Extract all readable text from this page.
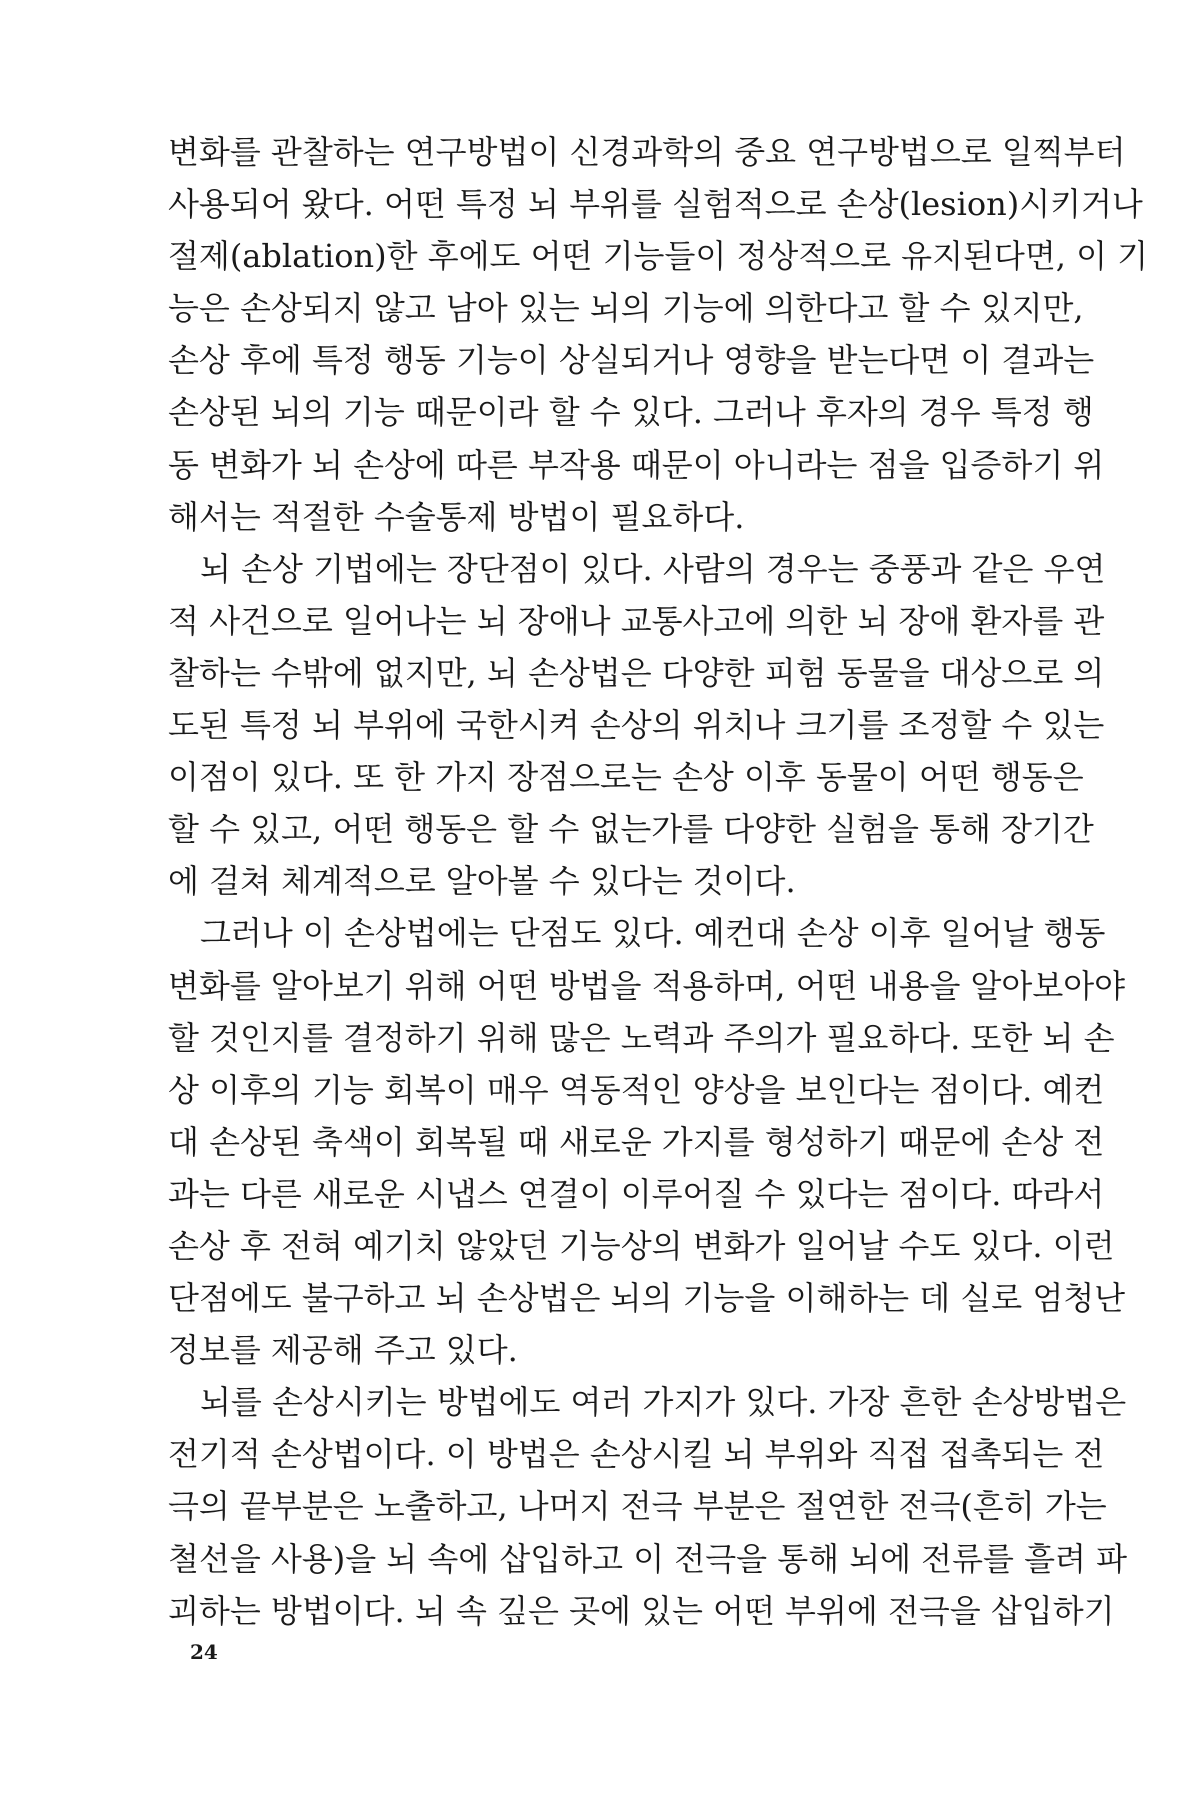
변화를 관찰하는 연구방법이 신경과학의 중요 연구방법으로 일찍부터
사용되어 왔다. 어떤 특정 뇌 부위를 실험적으로 손상(lesion)시키거나
절제(ablation)한 후에도 어떤 기능들이 정상적으로 유지된다면, 이 기
능은 손상되지 않고 남아 있는 뇌의 기능에 의한다고 할 수 있지만,
손상 후에 특정 행동 기능이 상실되거나 영향을 받는다면 이 결과는
손상된 뇌의 기능 때문이라 할 수 있다. 그러나 후자의 경우 특정 행
동 변화가 뇌 손상에 따른 부작용 때문이 아니라는 점을 입증하기 위
해서는 적절한 수술통제 방법이 필요하다.
뇌 손상 기법에는 장단점이 있다. 사람의 경우는 중풍과 같은 우연
적 사건으로 일어나는 뇌 장애나 교통사고에 의한 뇌 장애 환자를 관
찰하는 수밖에 없지만, 뇌 손상법은 다양한 피험 동물을 대상으로 의
도된 특정 뇌 부위에 국한시켜 손상의 위치나 크기를 조정할 수 있는
이점이 있다. 또 한 가지 장점으로는 손상 이후 동물이 어떤 행동은
할 수 있고, 어떤 행동은 할 수 없는가를 다양한 실험을 통해 장기간
에 걸쳐 체계적으로 알아볼 수 있다는 것이다.
그러나 이 손상법에는 단점도 있다. 예컨대 손상 이후 일어날 행동
변화를 알아보기 위해 어떤 방법을 적용하며, 어떤 내용을 알아보아야
할 것인지를 결정하기 위해 많은 노력과 주의가 필요하다. 또한 뇌 손
상 이후의 기능 회복이 매우 역동적인 양상을 보인다는 점이다. 예컨
대 손상된 축색이 회복될 때 새로운 가지를 형성하기 때문에 손상 전
과는 다른 새로운 시냅스 연결이 이루어질 수 있다는 점이다. 따라서
손상 후 전혀 예기치 않았던 기능상의 변화가 일어날 수도 있다. 이런
단점에도 불구하고 뇌 손상법은 뇌의 기능을 이해하는 데 실로 엄청난
정보를 제공해 주고 있다.
뇌를 손상시키는 방법에도 여러 가지가 있다. 가장 흔한 손상방법은
전기적 손상법이다. 이 방법은 손상시킬 뇌 부위와 직접 접촉되는 전
극의 끝부분은 노출하고, 나머지 전극 부분은 절연한 전극(흔히 가는
철선을 사용)을 뇌 속에 삽입하고 이 전극을 통해 뇌에 전류를 흘려 파
괴하는 방법이다. 뇌 속 깊은 곳에 있는 어떤 부위에 전극을 삽입하기
24
